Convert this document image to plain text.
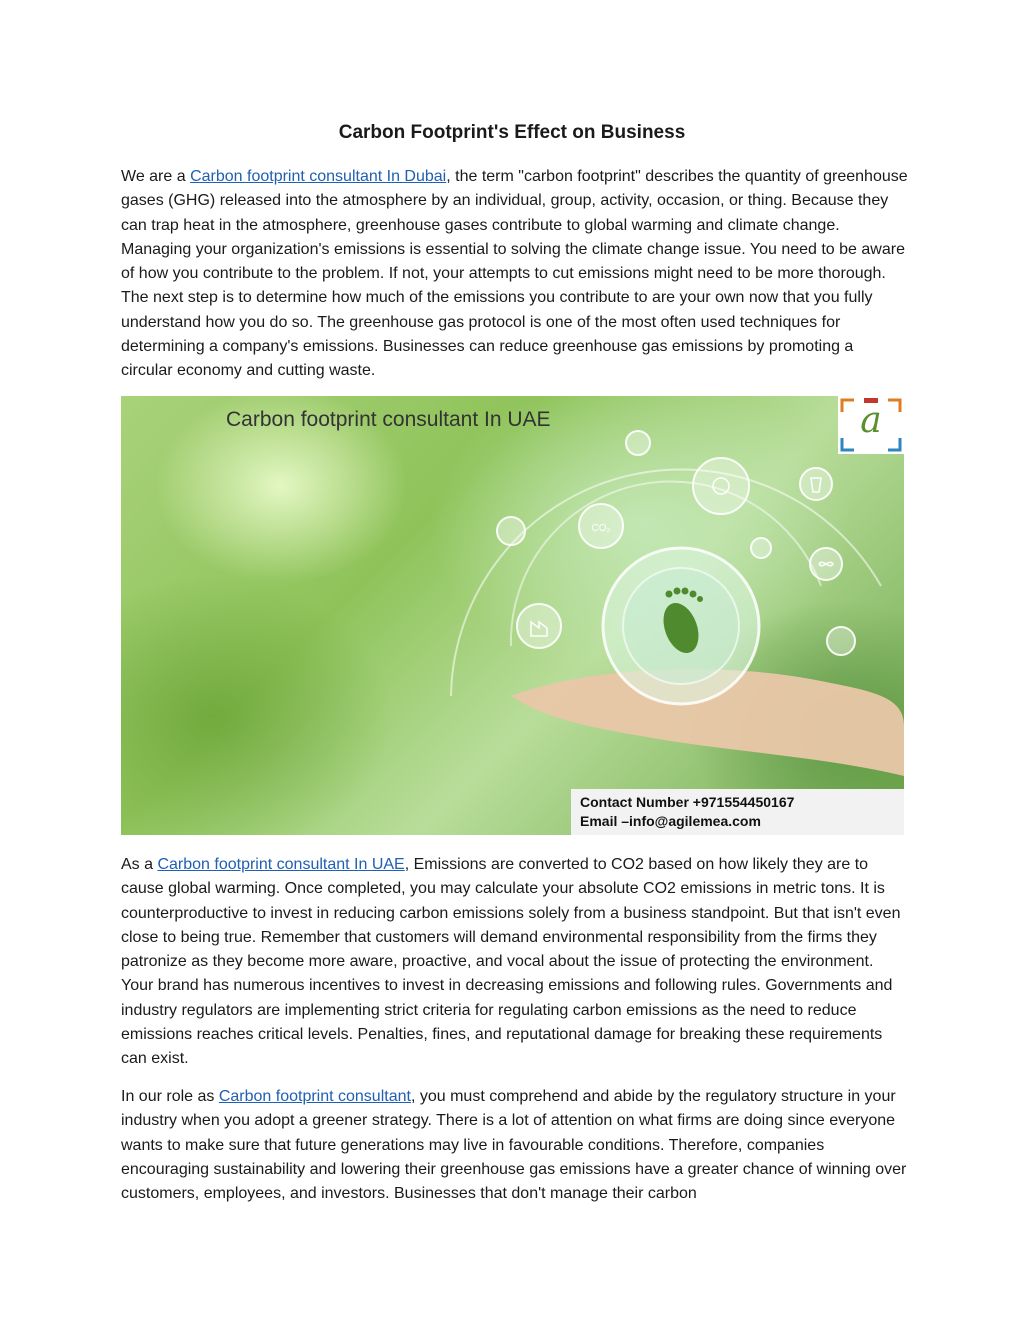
Carbon Footprint's Effect on Business

We are a Carbon footprint consultant In Dubai, the term "carbon footprint" describes the quantity of greenhouse gases (GHG) released into the atmosphere by an individual, group, activity, occasion, or thing. Because they can trap heat in the atmosphere, greenhouse gases contribute to global warming and climate change. Managing your organization's emissions is essential to solving the climate change issue. You need to be aware of how you contribute to the problem. If not, your attempts to cut emissions might need to be more thorough. The next step is to determine how much of the emissions you contribute to are your own now that you fully understand how you do so. The greenhouse gas protocol is one of the most often used techniques for determining a company's emissions. Businesses can reduce greenhouse gas emissions by promoting a circular economy and cutting waste.

CO₂
Carbon footprint consultant In UAE	a
Contact Number +971554450167
Email –info@agilemea.com

As a Carbon footprint consultant In UAE, Emissions are converted to CO2 based on how likely they are to cause global warming. Once completed, you may calculate your absolute CO2 emissions in metric tons. It is counterproductive to invest in reducing carbon emissions solely from a business standpoint. But that isn't even close to being true. Remember that customers will demand environmental responsibility from the firms they patronize as they become more aware, proactive, and vocal about the issue of protecting the environment. Your brand has numerous incentives to invest in decreasing emissions and following rules. Governments and industry regulators are implementing strict criteria for regulating carbon emissions as the need to reduce emissions reaches critical levels. Penalties, fines, and reputational damage for breaking these requirements can exist.

In our role as Carbon footprint consultant, you must comprehend and abide by the regulatory structure in your industry when you adopt a greener strategy. There is a lot of attention on what firms are doing since everyone wants to make sure that future generations may live in favourable conditions. Therefore, companies encouraging sustainability and lowering their greenhouse gas emissions have a greater chance of winning over customers, employees, and investors. Businesses that don't manage their carbon
